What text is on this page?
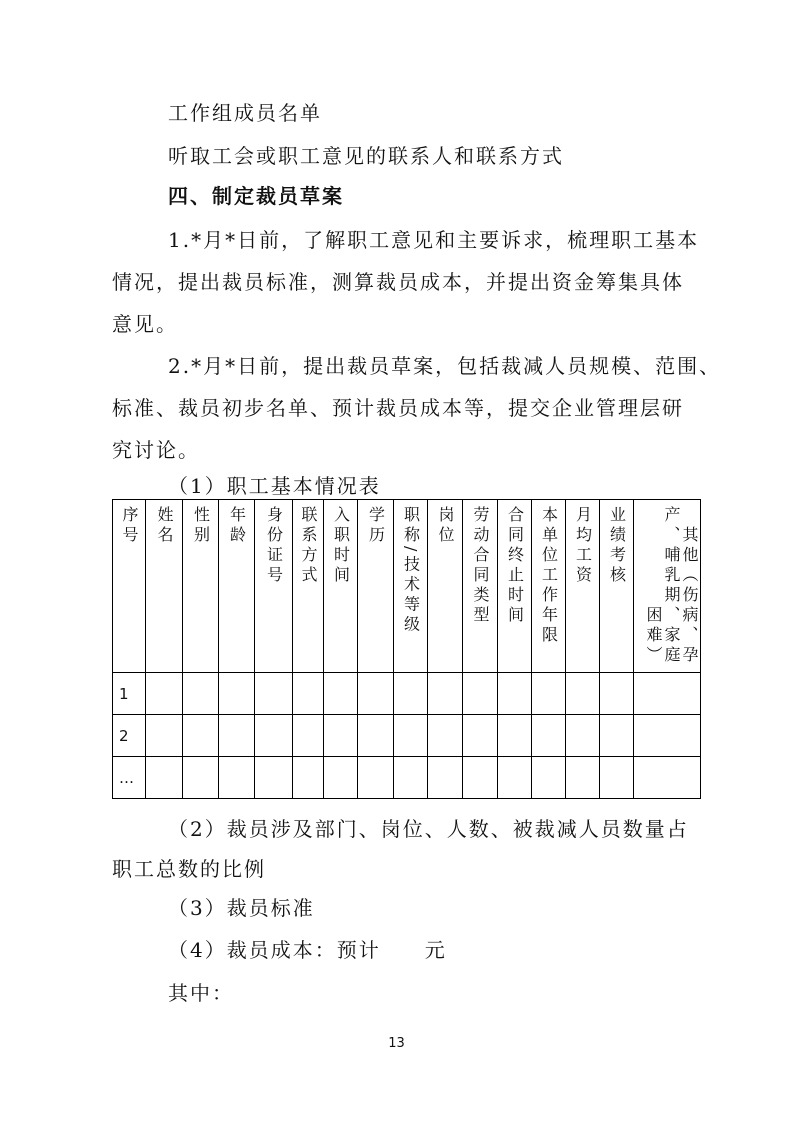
工作组成员名单
听取工会或职工意见的联系人和联系方式
四、制定裁员草案
1.*月*日前，了解职工意见和主要诉求，梳理职工基本
情况，提出裁员标准，测算裁员成本，并提出资金筹集具体
意见。
2.*月*日前，提出裁员草案，包括裁减人员规模、范围、
标准、裁员初步名单、预计裁员成本等，提交企业管理层研
究讨论。
（1）职工基本情况表
序号	姓名	性别	年龄	身份证号	联系方式	入职时间	学历	职称/技术等级	岗位	劳动合同类型	合同终止时间	本单位工作年限	月均工资	业绩考核	其他（伤病、孕产、哺乳期、家庭困难）
1															
2															
…															
（2）裁员涉及部门、岗位、人数、被裁减人员数量占
职工总数的比例
（3）裁员标准
（4）裁员成本：预计　　元
其中：
13
